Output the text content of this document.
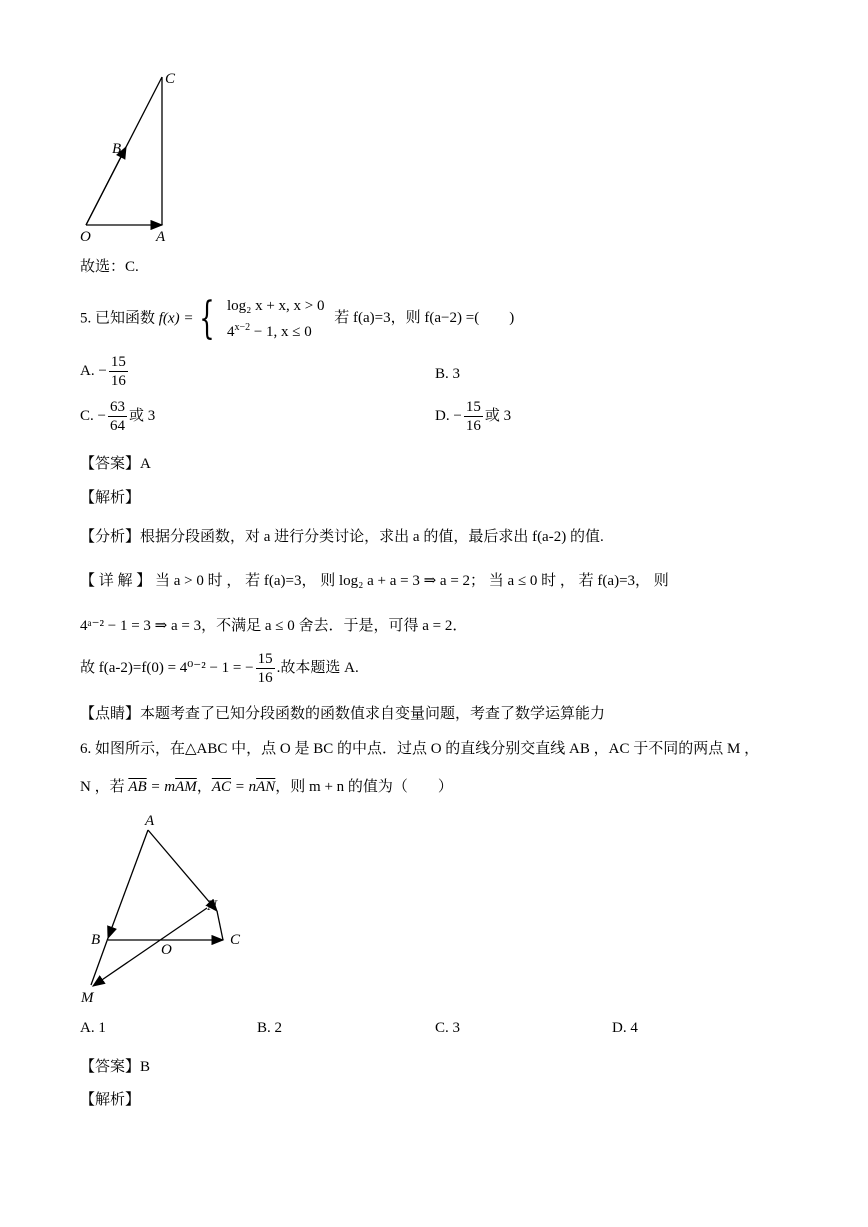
C
B
O	A
故选：C.
5. 已知函数 f(x) = { log₂ x + x, x > 0
$4^{x-2} - 1$, x ≤ 0
若 f(a)=3，则 f(a−2) =(　　)
A. − $\frac{15}{16}$	B. 3
C. − $\frac{63}{64}$ 或 3	D. − $\frac{15}{16}$ 或 3
【答案】A
【解析】
【分析】根据分段函数，对 a 进行分类讨论，求出 a 的值，最后求出 f(a-2) 的值.
【 详 解 】 当 a > 0 时 ， 若 f(a)=3， 则 log₂ a + a = 3 ⇒ a = 2； 当 a ≤ 0 时 ， 若 f(a)=3， 则
4ᵃ⁻² − 1 = 3 ⇒ a = 3，不满足 a ≤ 0 舍去．于是，可得 a = 2．
故 f(a-2)=f(0) = 4⁰⁻² − 1 = − $\frac{15}{16}$ .故本题选 A.
【点睛】本题考查了已知分段函数的函数值求自变量问题，考查了数学运算能力
6. 如图所示，在△ABC 中，点 O 是 BC 的中点．过点 O 的直线分别交直线 AB ，AC 于不同的两点 M ，
N ，若 $\overline{AB} = m\overline{AM}$，$\overline{AC} = n\overline{AN}$，则 m + n 的值为（　　）
A
N
B
O
C
M
A. 1	B. 2	C. 3	D. 4
【答案】B
【解析】
